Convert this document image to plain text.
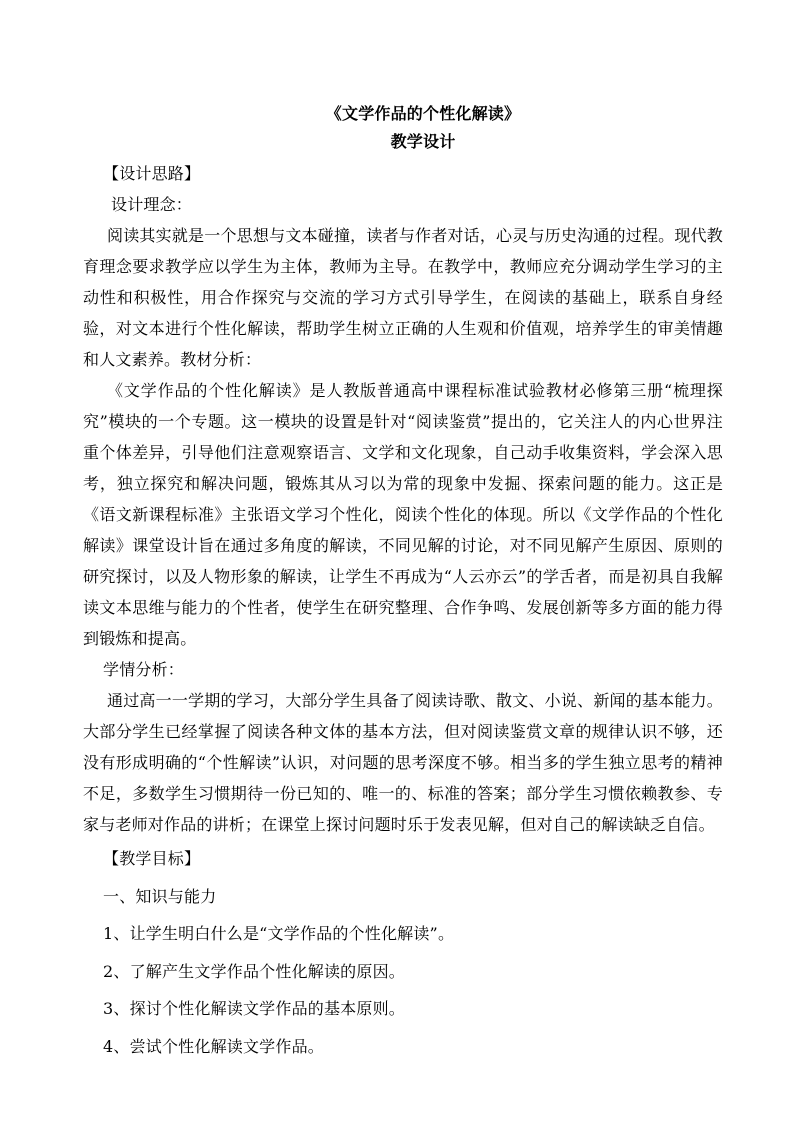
《文学作品的个性化解读》
教学设计
【设计思路】
设计理念：

阅读其实就是一个思想与文本碰撞，读者与作者对话，心灵与历史沟通的过程。现代教育理念要求教学应以学生为主体，教师为主导。在教学中，教师应充分调动学生学习的主动性和积极性，用合作探究与交流的学习方式引导学生，在阅读的基础上，联系自身经验，对文本进行个性化解读，帮助学生树立正确的人生观和价值观，培养学生的审美情趣和人文素养。教材分析：

《文学作品的个性化解读》是人教版普通高中课程标准试验教材必修第三册“梳理探究”模块的一个专题。这一模块的设置是针对“阅读鉴赏”提出的，它关注人的内心世界注重个体差异，引导他们注意观察语言、文学和文化现象，自己动手收集资料，学会深入思考，独立探究和解决问题，锻炼其从习以为常的现象中发掘、探索问题的能力。这正是《语文新课程标准》主张语文学习个性化，阅读个性化的体现。所以《文学作品的个性化解读》课堂设计旨在通过多角度的解读，不同见解的讨论，对不同见解产生原因、原则的研究探讨，以及人物形象的解读，让学生不再成为“人云亦云”的学舌者，而是初具自我解读文本思维与能力的个性者，使学生在研究整理、合作争鸣、发展创新等多方面的能力得到锻炼和提高。

学情分析：

通过高一一学期的学习，大部分学生具备了阅读诗歌、散文、小说、新闻的基本能力。大部分学生已经掌握了阅读各种文体的基本方法，但对阅读鉴赏文章的规律认识不够，还没有形成明确的“个性解读”认识，对问题的思考深度不够。相当多的学生独立思考的精神不足，多数学生习惯期待一份已知的、唯一的、标准的答案；部分学生习惯依赖教参、专家与老师对作品的讲析；在课堂上探讨问题时乐于发表见解，但对自己的解读缺乏自信。

【教学目标】
一、知识与能力
1、让学生明白什么是“文学作品的个性化解读”。
2、了解产生文学作品个性化解读的原因。
3、探讨个性化解读文学作品的基本原则。
4、尝试个性化解读文学作品。
